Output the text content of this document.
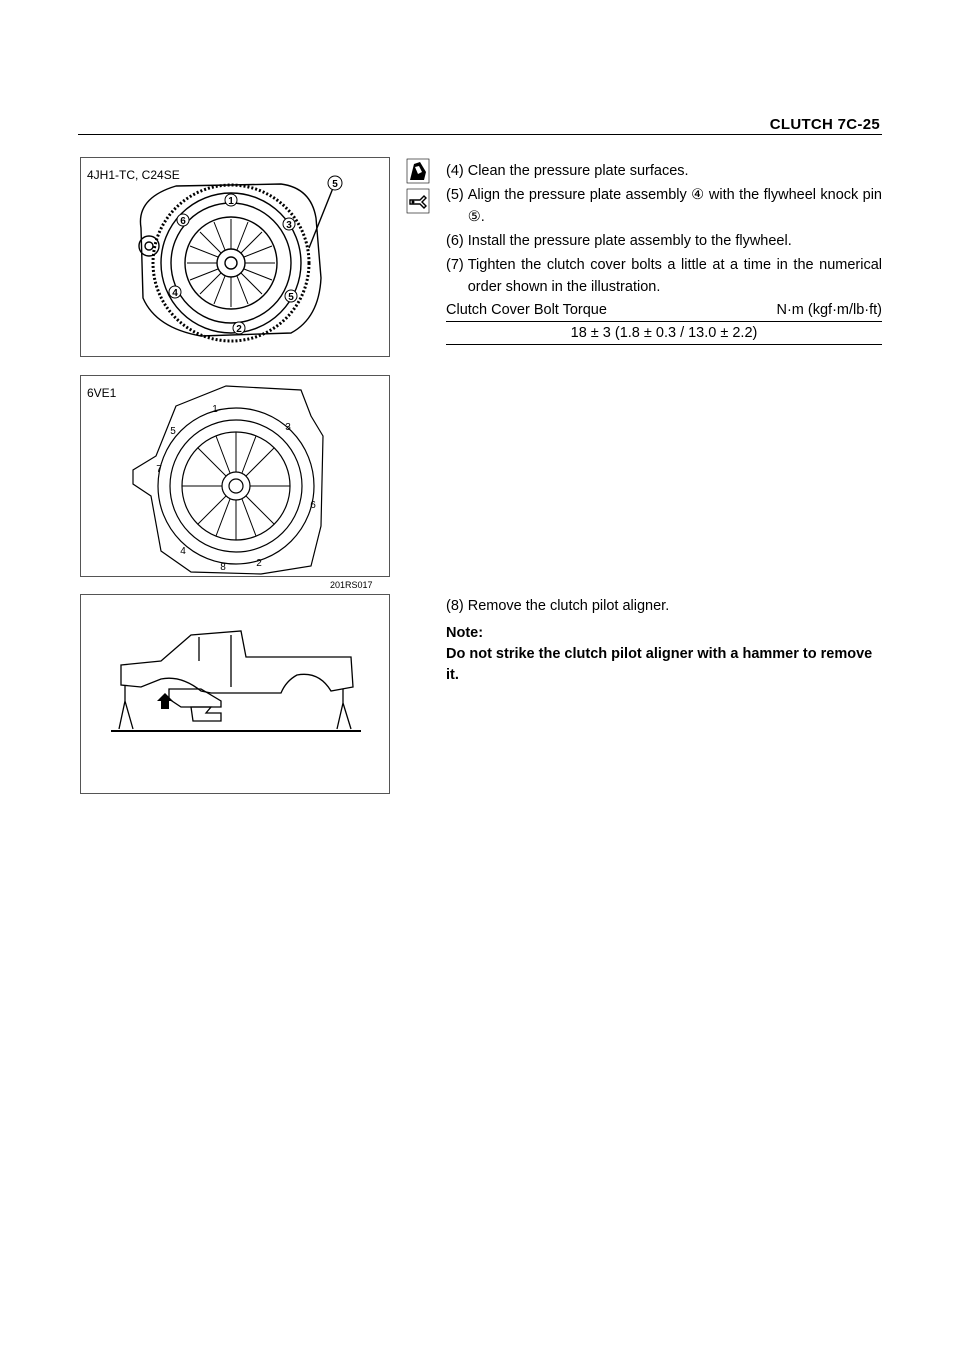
CLUTCH 7C-25
4JH1-TC, C24SE
1
2
3
4	5
6
5
6VE1
1
2
3
4
5
6
7
8
201RS017
(4) Clean the pressure plate surfaces.
(5) Align the pressure plate assembly ④ with the flywheel knock pin ⑤.
(6) Install the pressure plate assembly to the flywheel.
(7) Tighten the clutch cover bolts a little at a time in the numerical order shown in the illustration.
Clutch Cover Bolt Torque	N·m (kgf·m/lb·ft)
18 ± 3 (1.8 ± 0.3 / 13.0 ± 2.2)
(8) Remove the clutch pilot aligner.
Note:
Do not strike the clutch pilot aligner with a hammer to remove it.
